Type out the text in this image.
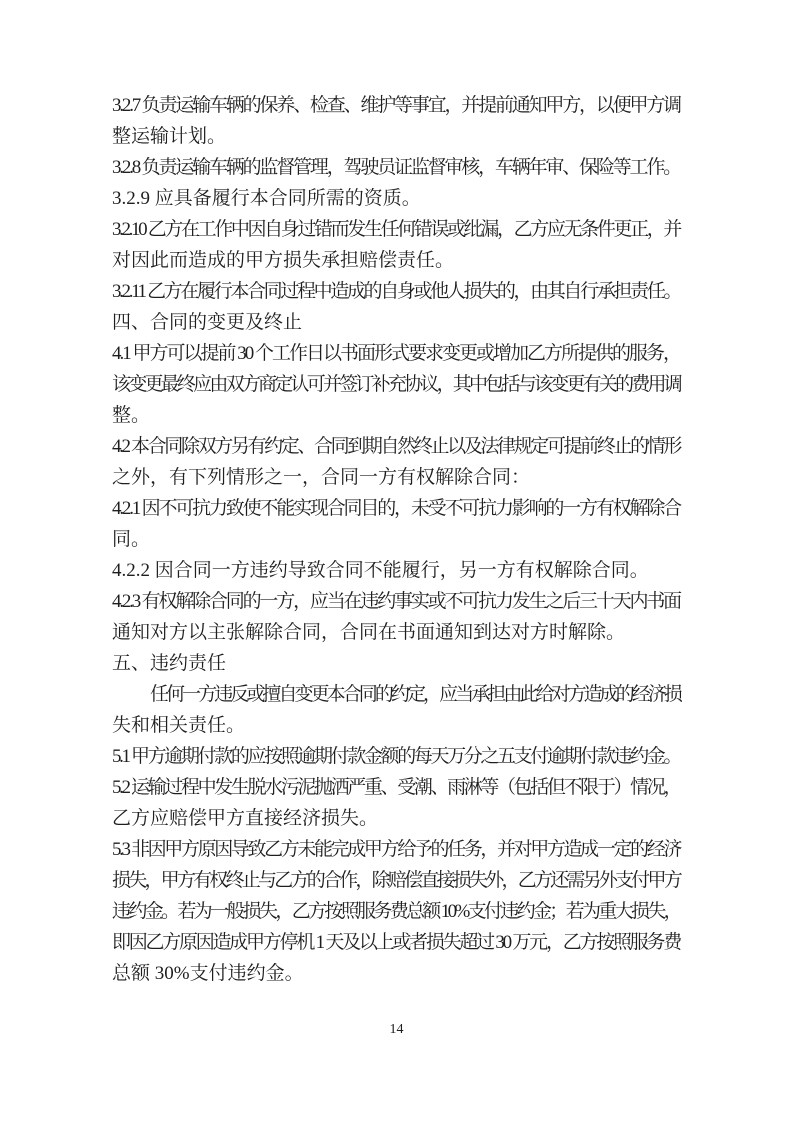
3.2.7 负责运输车辆的保养、检查、维护等事宜，并提前通知甲方，以便甲方调
整运输计划。
3.2.8 负责运输车辆的监督管理，驾驶员证监督审核，车辆年审、保险等工作。
3.2.9 应具备履行本合同所需的资质。
3.2.10 乙方在工作中因自身过错而发生任何错误或纰漏，乙方应无条件更正，并
对因此而造成的甲方损失承担赔偿责任。
3.2.11 乙方在履行本合同过程中造成的自身或他人损失的，由其自行承担责任。
四、合同的变更及终止
4.1 甲方可以提前 30 个工作日以书面形式要求变更或增加乙方所提供的服务，
该变更最终应由双方商定认可并签订补充协议，其中包括与该变更有关的费用调
整。
4.2 本合同除双方另有约定、合同到期自然终止以及法律规定可提前终止的情形
之外，有下列情形之一，合同一方有权解除合同：
4.2.1 因不可抗力致使不能实现合同目的，未受不可抗力影响的一方有权解除合
同。
4.2.2 因合同一方违约导致合同不能履行，另一方有权解除合同。
4.2.3 有权解除合同的一方，应当在违约事实或不可抗力发生之后三十天内书面
通知对方以主张解除合同，合同在书面通知到达对方时解除。
五、违约责任
任何一方违反或擅自变更本合同的约定，应当承担由此给对方造成的经济损
失和相关责任。
5.1 甲方逾期付款的应按照逾期付款金额的每天万分之五支付逾期付款违约金。
5.2 运输过程中发生脱水污泥抛洒严重、受潮、雨淋等（包括但不限于）情况，
乙方应赔偿甲方直接经济损失。
5.3 非因甲方原因导致乙方未能完成甲方给予的任务，并对甲方造成一定的经济
损失，甲方有权终止与乙方的合作，除赔偿直接损失外，乙方还需另外支付甲方
违约金。若为一般损失，乙方按照服务费总额 10%支付违约金；若为重大损失，
即因乙方原因造成甲方停机 1 天及以上或者损失超过 30 万元，乙方按照服务费
总额 30%支付违约金。
14
